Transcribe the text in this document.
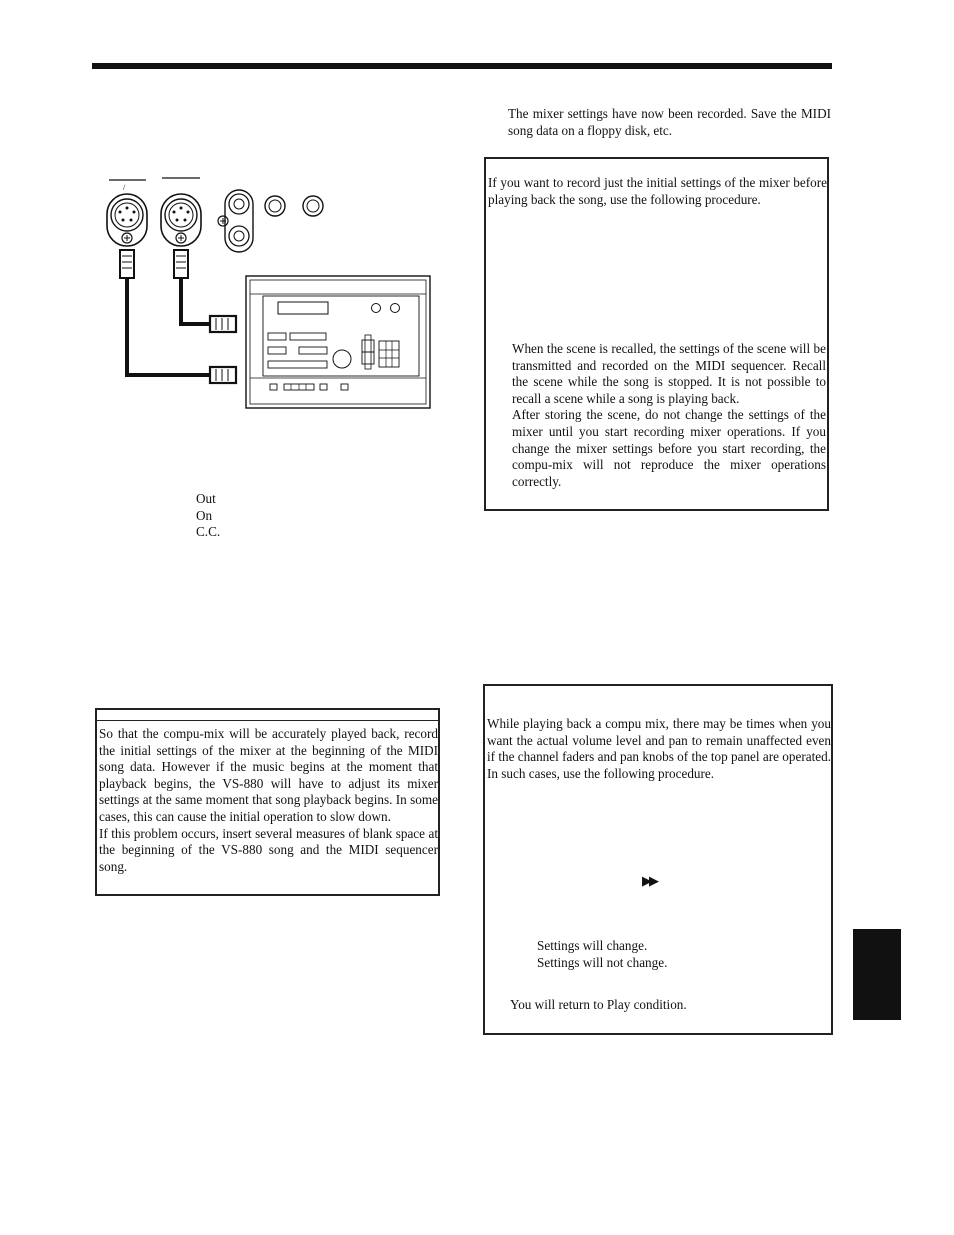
The mixer settings have now been recorded. Save the MIDI song data on a floppy disk, etc.

If you want to record just the initial settings of the mixer before playing back the song, use the following procedure.

When the scene is recalled, the settings of the scene will be transmitted and recorded on the MIDI sequencer. Recall the scene while the song is stopped. It is not possible to recall a scene while a song is playing back.

After storing the scene, do not change the settings of the mixer until you start recording mixer operations. If you change the mixer settings before you start recording, the compu-mix will not reproduce the mixer operations correctly.

/

Out

On

C.C.

So that the compu-mix will be accurately played back, record the initial settings of the mixer at the beginning of the MIDI song data. However if the music begins at the moment that playback begins, the VS-880 will have to adjust its mixer settings at the same moment that song playback begins. In some cases, this can cause the initial operation to slow down.

If this problem occurs, insert several measures of blank space at the beginning of the VS-880 song and the MIDI sequencer song.

While playing back a compu mix, there may be times when you want the actual volume level and pan to remain unaffected even if the channel faders and pan knobs of the top panel are operated. In such cases, use the following procedure.

▶▶

Settings will change.

Settings will not change.

You will return to Play condition.
